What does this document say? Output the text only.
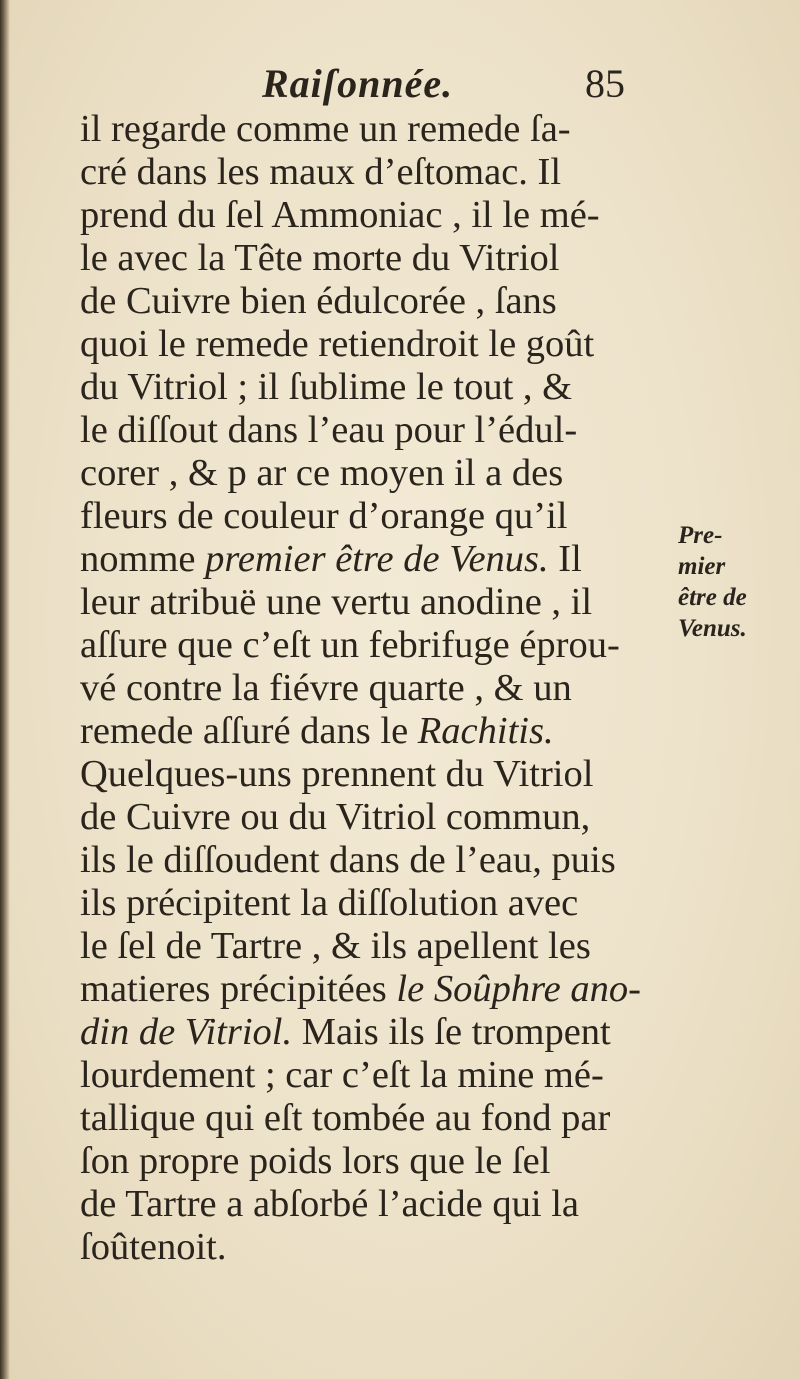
Raiſonnée.	85
il regarde comme un remede ſa-
cré dans les maux d’eſtomac. Il
prend du ſel Ammoniac , il le mé-
le avec la Tête morte du Vitriol
de Cuivre bien édulcorée , ſans
quoi le remede retiendroit le goût
du Vitriol ; il ſublime le tout , &
le diſſout dans l’eau pour l’édul-
corer , & p ar ce moyen il a des
fleurs de couleur d’orange qu’il
nomme premier être de Venus. Il
leur atribuë une vertu anodine , il
aſſure que c’eſt un febrifuge éprou-
vé contre la fiévre quarte , & un
remede aſſuré dans le Rachitis.
Quelques-uns prennent du Vitriol
de Cuivre ou du Vitriol commun,
ils le diſſoudent dans de l’eau, puis
ils précipitent la diſſolution avec
le ſel de Tartre , & ils apellent les
matieres précipitées le Soûphre ano-
din de Vitriol. Mais ils ſe trompent
lourdement ; car c’eſt la mine mé-
tallique qui eſt tombée au fond par
ſon propre poids lors que le ſel
de Tartre a abſorbé l’acide qui la
ſoûtenoit.
Pre-
mier
être de
Venus.
